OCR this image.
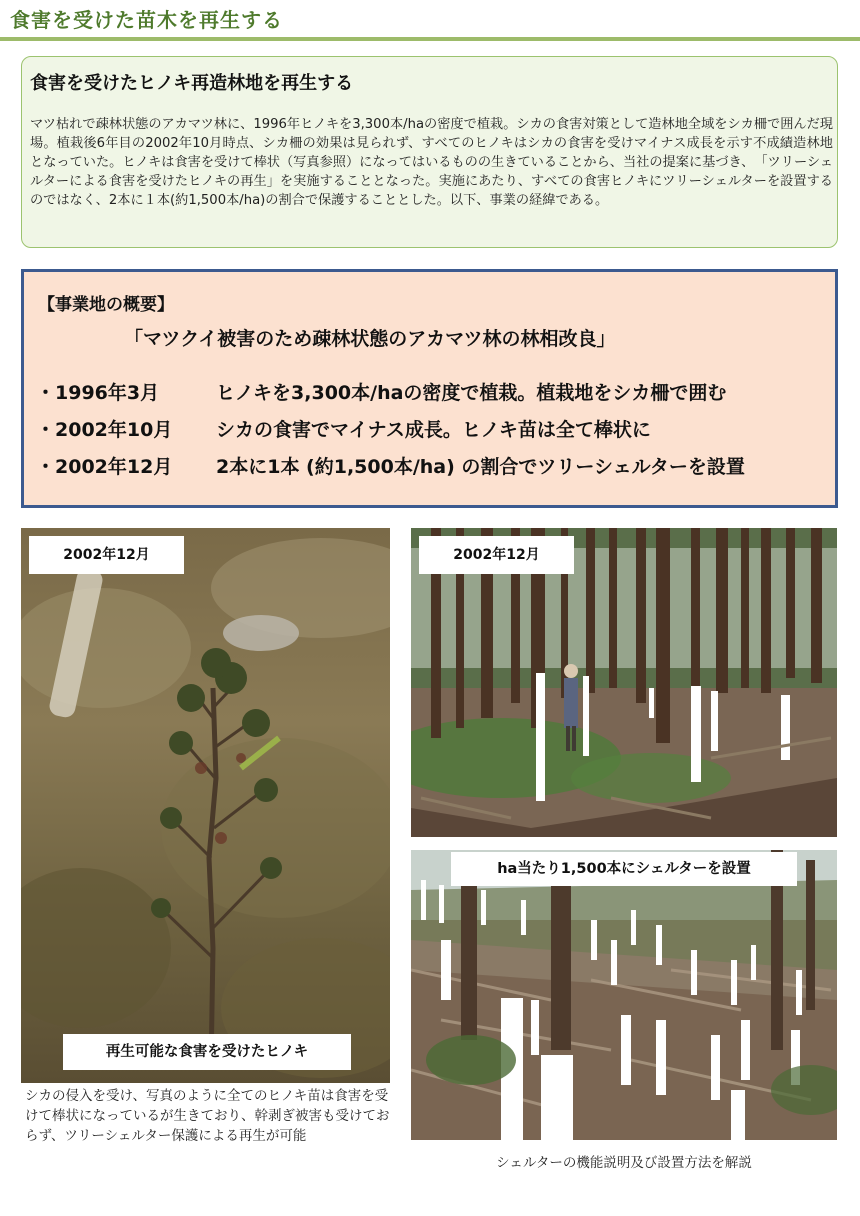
食害を受けた苗木を再生する
食害を受けたヒノキ再造林地を再生する
マツ枯れで疎林状態のアカマツ林に、1996年ヒノキを3,300本/haの密度で植栽。シカの食害対策として造林地全域をシカ柵で囲んだ現場。植栽後6年目の2002年10月時点、シカ柵の効果は見られず、すべてのヒノキはシカの食害を受けマイナス成長を示す不成績造林地となっていた。ヒノキは食害を受けて棒状（写真参照）になってはいるものの生きていることから、当社の提案に基づき、　「ツリーシェルターによる食害を受けたヒノキの再生」を実施することとなった。実施にあたり、すべての食害ヒノキにツリーシェルターを設置するのではなく、2本に１本(約1,500本/ha)の割合で保護することとした。以下、事業の経緯である。
【事業地の概要】
「マツクイ被害のため疎林状態のアカマツ林の林相改良」
・1996年3月	ヒノキを3,300本/haの密度で植栽。植栽地をシカ柵で囲む
・2002年10月	シカの食害でマイナス成長。ヒノキ苗は全て棒状に
・2002年12月	2本に1本 (約1,500本/ha) の割合でツリーシェルターを設置
2002年12月	2002年12月
ha当たり1,500本にシェルターを設置
再生可能な食害を受けたヒノキ
シカの侵入を受け、写真のように全てのヒノキ苗は食害を受けて棒状になっているが生きており、幹剥ぎ被害も受けておらず、ツリーシェルター保護による再生が可能
シェルターの機能説明及び設置方法を解説
